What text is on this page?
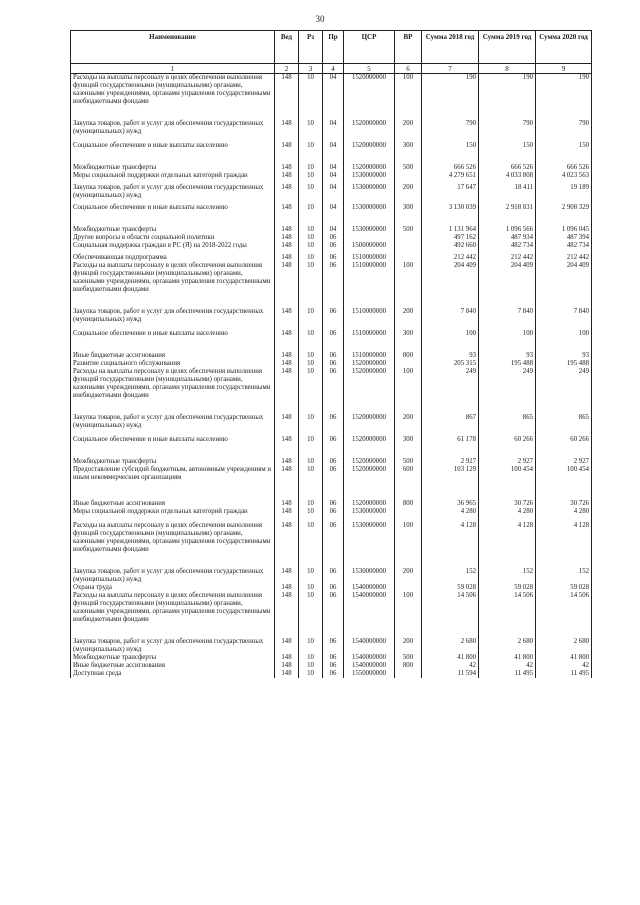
30
Наименование	Вед	Рз	Пр	ЦСР	ВР	Сумма 2018 год	Сумма 2019 год	Сумма 2020 год
1	2	3	4	5	6	7	8	9
Расходы на выплаты персоналу в целях обеспечения выполнения функций государственными (муниципальными) органами, казенными учреждениями, органами управления государственными внебюджетными фондами	148	10	04	1520000000	100	190	190	190
Закупка товаров, работ и услуг для обеспечения государственных (муниципальных) нужд	148	10	04	1520000000	200	790	790	790
Социальное обеспечение и иные выплаты населению	148	10	04	1520000000	300	150	150	150
Межбюджетные трансферты	148	10	04	1520000000	500	666 526	666 526	666 526
Меры социальной поддержки отдельных категорий граждан	148	10	04	1530000000		4 279 651	4 033 808	4 023 563
Закупка товаров, работ и услуг для обеспечения государственных (муниципальных) нужд	148	10	04	1530000000	200	17 647	18 411	19 189
Социальное обеспечение и иные выплаты населению	148	10	04	1530000000	300	3 130 039	2 918 831	2 908 329
Межбюджетные трансферты	148	10	04	1530000000	500	1 131 964	1 096 566	1 096 045
Другие вопросы в области социальной политики	148	10	06			497 162	487 934	487 394
Социальная поддержка граждан в РС (Я) на 2018-2022 годы	148	10	06	1500000000		492 660	482 734	482 734
Обеспечивающая подпрограмма	148	10	06	1510000000		212 442	212 442	212 442
Расходы на выплаты персоналу в целях обеспечения выполнения функций государственными (муниципальными) органами, казенными учреждениями, органами управления государственными внебюджетными фондами	148	10	06	1510000000	100	204 409	204 409	204 409
Закупка товаров, работ и услуг для обеспечения государственных (муниципальных) нужд	148	10	06	1510000000	200	7 840	7 840	7 840
Социальное обеспечение и иные выплаты населению	148	10	06	1510000000	300	100	100	100
Иные бюджетные ассигнования	148	10	06	1510000000	800	93	93	93
Развитие социального обслуживания	148	10	06	1520000000		205 315	195 488	195 488
Расходы на выплаты персоналу в целях обеспечения выполнения функций государственными (муниципальными) органами, казенными учреждениями, органами управления государственными внебюджетными фондами	148	10	06	1520000000	100	249	249	249
Закупка товаров, работ и услуг для обеспечения государственных (муниципальных) нужд	148	10	06	1520000000	200	867	865	865
Социальное обеспечение и иные выплаты населению	148	10	06	1520000000	300	61 178	60 266	60 266
Межбюджетные трансферты	148	10	06	1520000000	500	2 927	2 927	2 927
Предоставление субсидий бюджетным, автономным учреждениям и иным некоммерческим организациям	148	10	06	1520000000	600	103 129	100 454	100 454
Иные бюджетные ассигнования	148	10	06	1520000000	800	36 965	30 726	30 726
Меры социальной поддержки отдельных категорий граждан	148	10	06	1530000000		4 280	4 280	4 280
Расходы на выплаты персоналу в целях обеспечения выполнения функций государственными (муниципальными) органами, казенными учреждениями, органами управления государственными внебюджетными фондами	148	10	06	1530000000	100	4 128	4 128	4 128
Закупка товаров, работ и услуг для обеспечения государственных (муниципальных) нужд	148	10	06	1530000000	200	152	152	152
Охрана труда	148	10	06	1540000000		59 028	59 028	59 028
Расходы на выплаты персоналу в целях обеспечения выполнения функций государственными (муниципальными) органами, казенными учреждениями, органами управления государственными внебюджетными фондами	148	10	06	1540000000	100	14 506	14 506	14 506
Закупка товаров, работ и услуг для обеспечения государственных (муниципальных) нужд	148	10	06	1540000000	200	2 680	2 680	2 680
Межбюджетные трансферты	148	10	06	1540000000	500	41 800	41 800	41 800
Иные бюджетные ассигнования	148	10	06	1540000000	800	42	42	42
Доступная среда	148	10	06	1550000000		11 594	11 495	11 495
